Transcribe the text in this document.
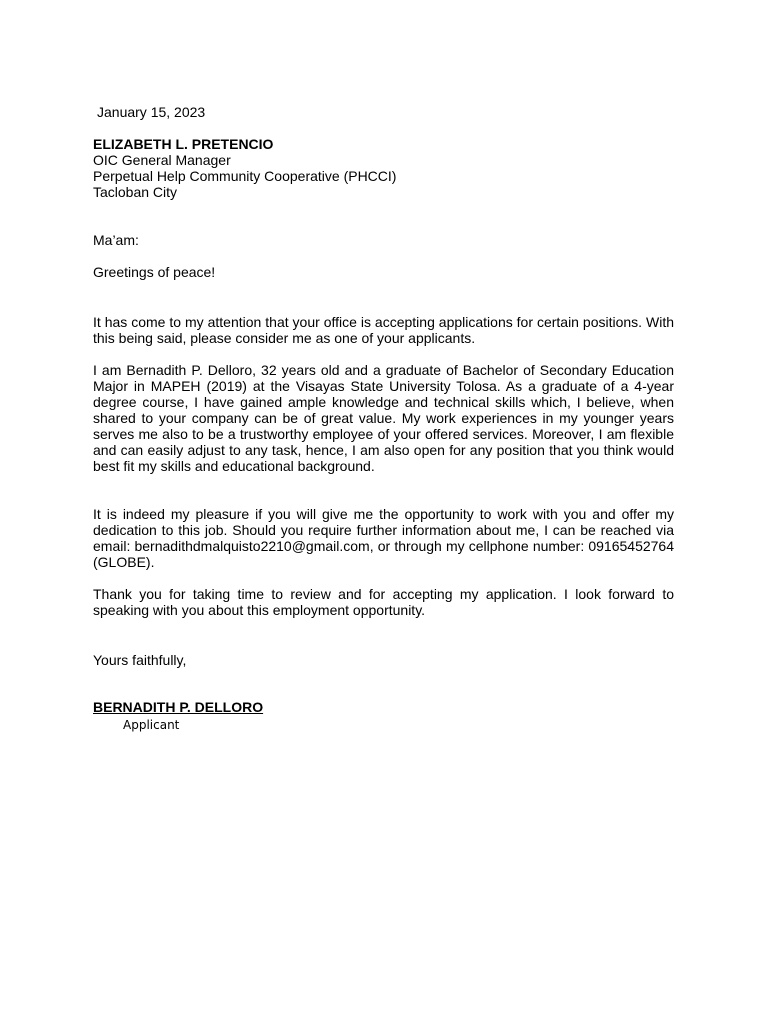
January 15, 2023

ELIZABETH L. PRETENCIO

OIC General Manager

Perpetual Help Community Cooperative (PHCCI)

Tacloban City

Ma’am:

Greetings of peace!

It has come to my attention that your office is accepting applications for certain positions. With this being said, please consider me as one of your applicants.

I am Bernadith P. Delloro, 32 years old and a graduate of Bachelor of Secondary Education Major in MAPEH (2019) at the Visayas State University Tolosa. As a graduate of a 4-year degree course, I have gained ample knowledge and technical skills which, I believe, when shared to your company can be of great value. My work experiences in my younger years serves me also to be a trustworthy employee of your offered services. Moreover, I am flexible and can easily adjust to any task, hence, I am also open for any position that you think would best fit my skills and educational background.

It is indeed my pleasure if you will give me the opportunity to work with you and offer my dedication to this job. Should you require further information about me, I can be reached via email: bernadithdmalquisto2210@gmail.com, or through my cellphone number: 09165452764 (GLOBE).

Thank you for taking time to review and for accepting my application. I look forward to speaking with you about this employment opportunity.

Yours faithfully,

BERNADITH P. DELLORO

Applicant
